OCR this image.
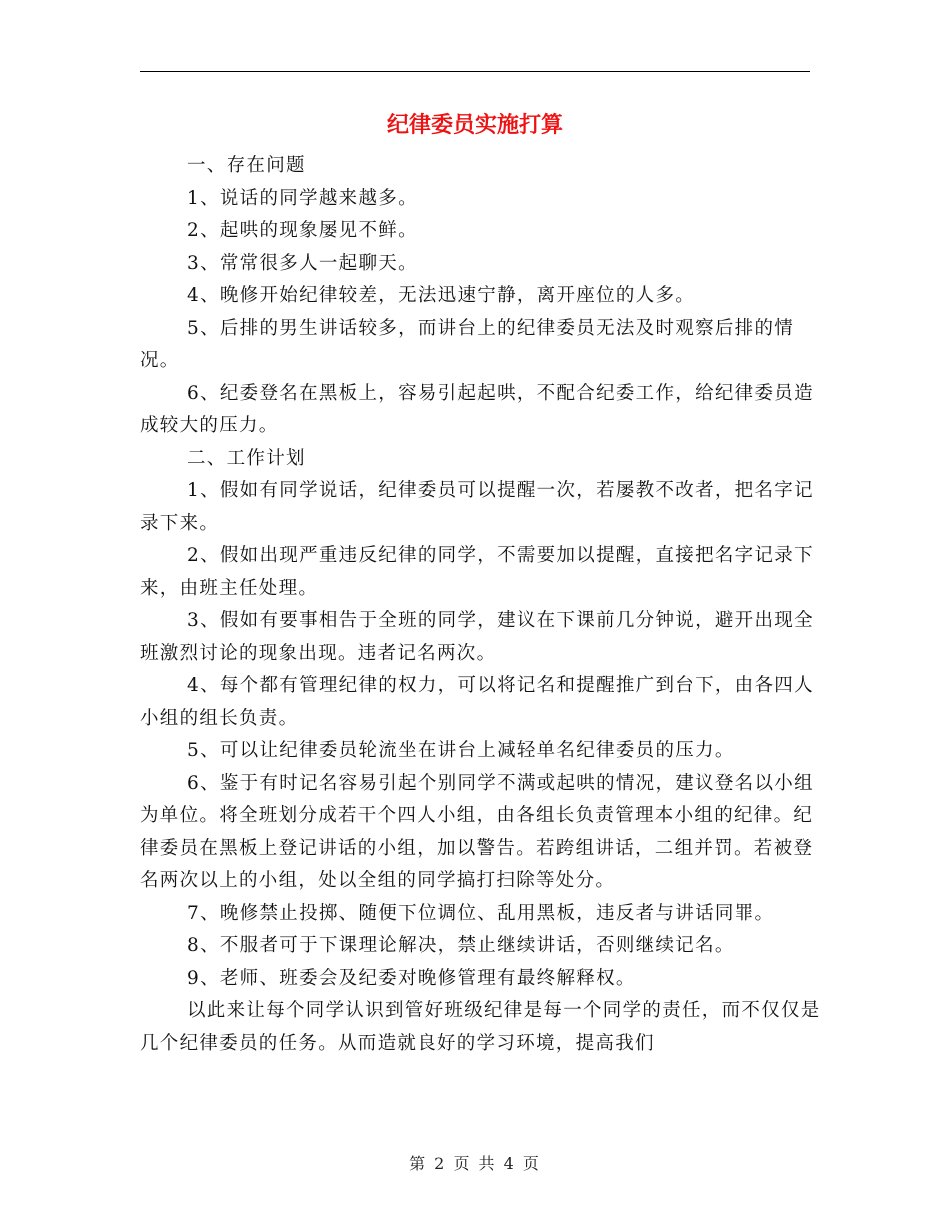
纪律委员实施打算

一、存在问题

1、说话的同学越来越多。

2、起哄的现象屡见不鲜。

3、常常很多人一起聊天。

4、晚修开始纪律较差，无法迅速宁静，离开座位的人多。

5、后排的男生讲话较多，而讲台上的纪律委员无法及时观察后排的情况。

6、纪委登名在黑板上，容易引起起哄，不配合纪委工作，给纪律委员造成较大的压力。

二、工作计划

1、假如有同学说话，纪律委员可以提醒一次，若屡教不改者，把名字记录下来。

2、假如出现严重违反纪律的同学，不需要加以提醒，直接把名字记录下来，由班主任处理。

3、假如有要事相告于全班的同学，建议在下课前几分钟说，避开出现全班激烈讨论的现象出现。违者记名两次。

4、每个都有管理纪律的权力，可以将记名和提醒推广到台下，由各四人小组的组长负责。

5、可以让纪律委员轮流坐在讲台上减轻单名纪律委员的压力。

6、鉴于有时记名容易引起个别同学不满或起哄的情况，建议登名以小组为单位。将全班划分成若干个四人小组，由各组长负责管理本小组的纪律。纪律委员在黑板上登记讲话的小组，加以警告。若跨组讲话，二组并罚。若被登名两次以上的小组，处以全组的同学搞打扫除等处分。

7、晚修禁止投掷、随便下位调位、乱用黑板，违反者与讲话同罪。

8、不服者可于下课理论解决，禁止继续讲话，否则继续记名。

9、老师、班委会及纪委对晚修管理有最终解释权。

以此来让每个同学认识到管好班级纪律是每一个同学的责任，而不仅仅是几个纪律委员的任务。从而造就良好的学习环境，提高我们

第 2 页 共 4 页
